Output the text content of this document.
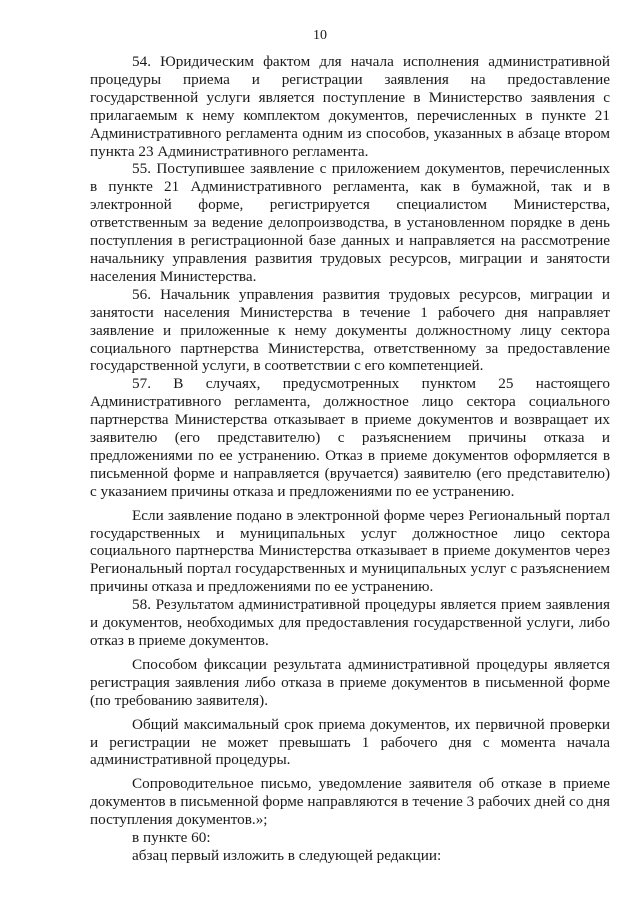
10

54. Юридическим фактом для начала исполнения административной процедуры приема и регистрации заявления на предоставление государственной услуги является поступление в Министерство заявления с прилагаемым к нему комплектом документов, перечисленных в пункте 21 Административного регламента одним из способов, указанных в абзаце втором пункта 23 Административного регламента.

55. Поступившее заявление с приложением документов, перечисленных в пункте 21 Административного регламента, как в бумажной, так и в электронной форме, регистрируется специалистом Министерства, ответственным за ведение делопроизводства, в установленном порядке в день поступления в регистрационной базе данных и направляется на рассмотрение начальнику управления развития трудовых ресурсов, миграции и занятости населения Министерства.

56. Начальник управления развития трудовых ресурсов, миграции и занятости населения Министерства в течение 1 рабочего дня направляет заявление и приложенные к нему документы должностному лицу сектора социального партнерства Министерства, ответственному за предоставление государственной услуги, в соответствии с его компетенцией.

57. В случаях, предусмотренных пунктом 25 настоящего Административного регламента, должностное лицо сектора социального партнерства Министерства отказывает в приеме документов и возвращает их заявителю (его представителю) с разъяснением причины отказа и предложениями по ее устранению. Отказ в приеме документов оформляется в письменной форме и направляется (вручается) заявителю (его представителю) с указанием причины отказа и предложениями по ее устранению.

Если заявление подано в электронной форме через Региональный портал государственных и муниципальных услуг должностное лицо сектора социального партнерства Министерства отказывает в приеме документов через Региональный портал государственных и муниципальных услуг с разъяснением причины отказа и предложениями по ее устранению.

58. Результатом административной процедуры является прием заявления и документов, необходимых для предоставления государственной услуги, либо отказ в приеме документов.

Способом фиксации результата административной процедуры является регистрация заявления либо отказа в приеме документов в письменной форме (по требованию заявителя).

Общий максимальный срок приема документов, их первичной проверки и регистрации не может превышать 1 рабочего дня с момента начала административной процедуры.

Сопроводительное письмо, уведомление заявителя об отказе в приеме документов в письменной форме направляются в течение 3 рабочих дней со дня поступления документов.»;

в пункте 60:

абзац первый изложить в следующей редакции:
